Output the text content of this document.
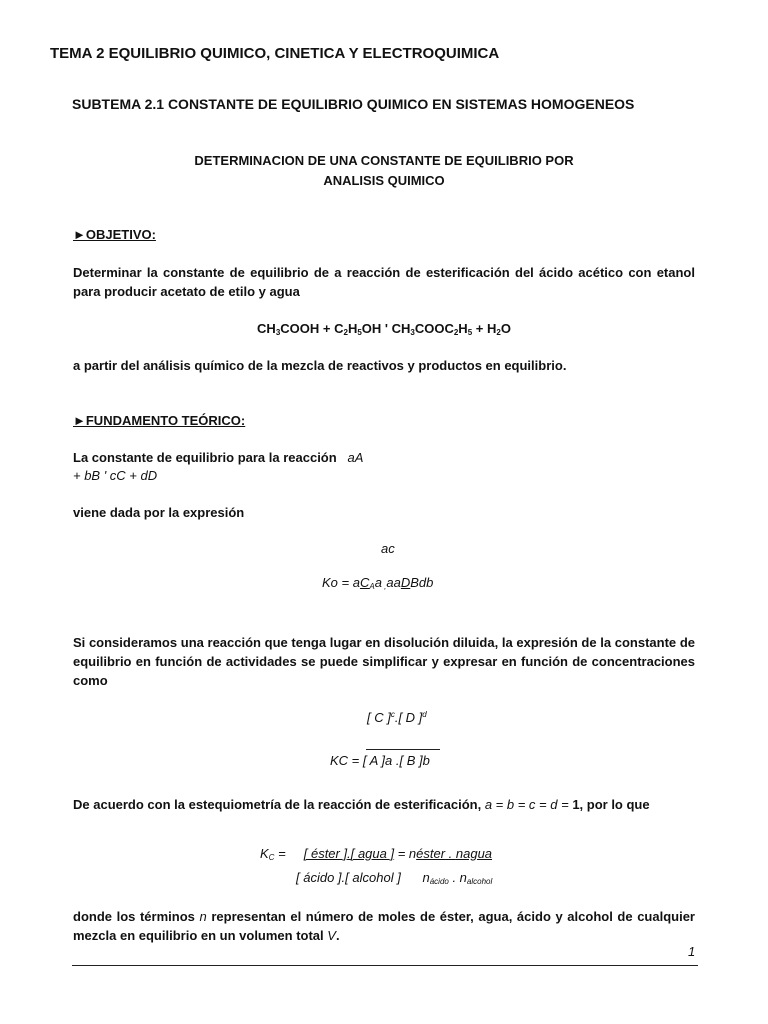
TEMA 2 EQUILIBRIO QUIMICO, CINETICA Y ELECTROQUIMICA
SUBTEMA 2.1 CONSTANTE DE EQUILIBRIO QUIMICO EN SISTEMAS HOMOGENEOS
DETERMINACION DE UNA CONSTANTE DE EQUILIBRIO POR
ANALISIS QUIMICO
►OBJETIVO:
Determinar la constante de equilibrio de a reacción de esterificación del ácido acético con etanol para producir acetato de etilo y agua
$CH_3COOH + C_2H_5OH$ ' $CH_3COOC_2H_5 + H_2O$
a partir del análisis químico de la mezcla de reactivos y productos en equilibrio.
►FUNDAMENTO TEÓRICO:
La constante de equilibrio para la reacción aA
+ bB ' cC + dD
viene dada por la expresión
ac
$Ko = aC_Aa$ $_,$aaDBdb
Si consideramos una reacción que tenga lugar en disolución diluida, la expresión de la constante de equilibrio en función de actividades se puede simplificar y expresar en función de concentraciones como
[ C ]$^c$.[ D ]$^d$
KC = [ A ]a .[ B ]b
De acuerdo con la estequiometría de la reacción de esterificación, a = b = c = d = 1, por lo que
$K_C$ = [ éster ].[ agua ] = néster . nagua
[ ácido ].[ alcohol ] $n_{ácido}$ . $n_{alcohol}$
donde los términos n representan el número de moles de éster, agua, ácido y alcohol de cualquier mezcla en equilibrio en un volumen total V.
1
